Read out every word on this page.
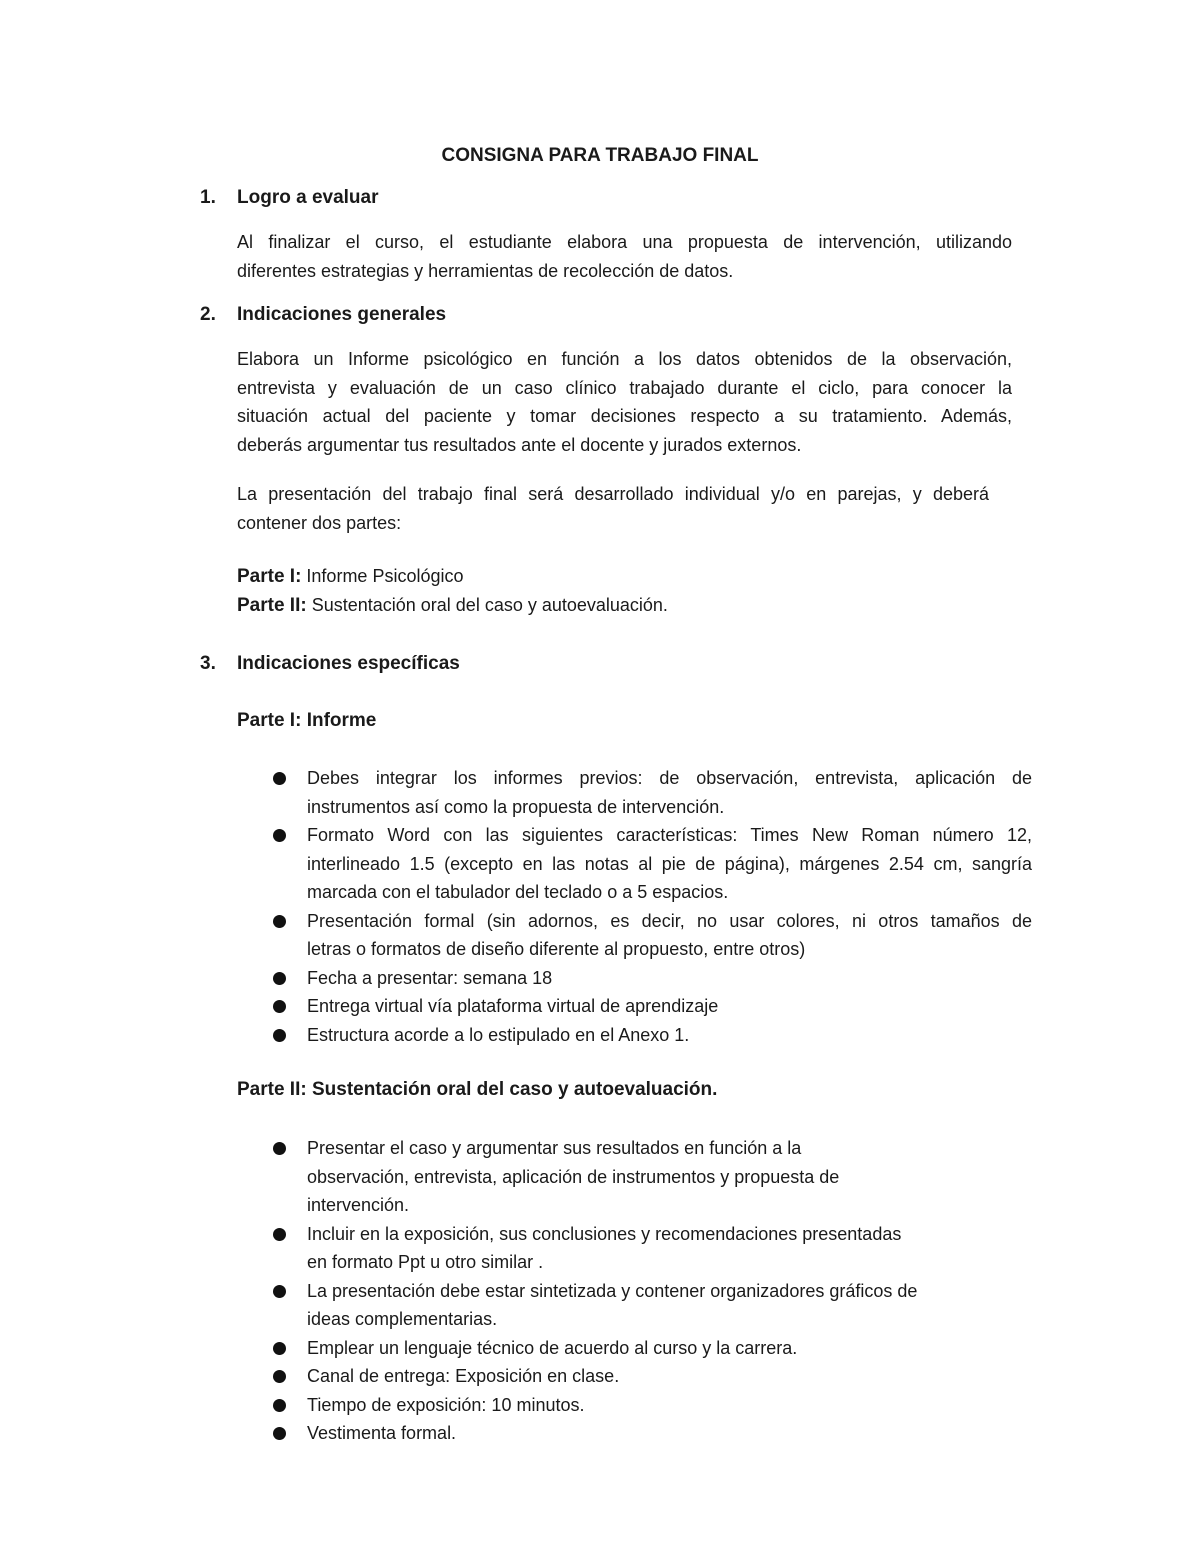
CONSIGNA PARA TRABAJO FINAL
1. Logro a evaluar
Al finalizar el curso, el estudiante elabora una propuesta de intervención, utilizando
diferentes estrategias y herramientas de recolección de datos.
2. Indicaciones generales
Elabora un Informe psicológico en función a los datos obtenidos de la observación,
entrevista y evaluación de un caso clínico trabajado durante el ciclo, para conocer la
situación actual del paciente y tomar decisiones respecto a su tratamiento. Además,
deberás argumentar tus resultados ante el docente y jurados externos.
La presentación del trabajo final será desarrollado individual y/o en parejas, y deberá
contener dos partes:
Parte I: Informe Psicológico
Parte II: Sustentación oral del caso y autoevaluación.
3. Indicaciones específicas
Parte I: Informe
Debes integrar los informes previos: de observación, entrevista, aplicación de
instrumentos así como la propuesta de intervención.
Formato Word con las siguientes características: Times New Roman número 12,
interlineado 1.5 (excepto en las notas al pie de página), márgenes 2.54 cm, sangría
marcada con el tabulador del teclado o a 5 espacios.
Presentación formal (sin adornos, es decir, no usar colores, ni otros tamaños de
letras o formatos de diseño diferente al propuesto, entre otros)
Fecha a presentar: semana 18
Entrega virtual vía plataforma virtual de aprendizaje
Estructura acorde a lo estipulado en el Anexo 1.
Parte II: Sustentación oral del caso y autoevaluación.
Presentar el caso y argumentar sus resultados en función a la
observación, entrevista, aplicación de instrumentos y propuesta de
intervención.
Incluir en la exposición, sus conclusiones y recomendaciones presentadas
en formato Ppt u otro similar .
La presentación debe estar sintetizada y contener organizadores gráficos de
ideas complementarias.
Emplear un lenguaje técnico de acuerdo al curso y la carrera.
Canal de entrega: Exposición en clase.
Tiempo de exposición: 10 minutos.
Vestimenta formal.
